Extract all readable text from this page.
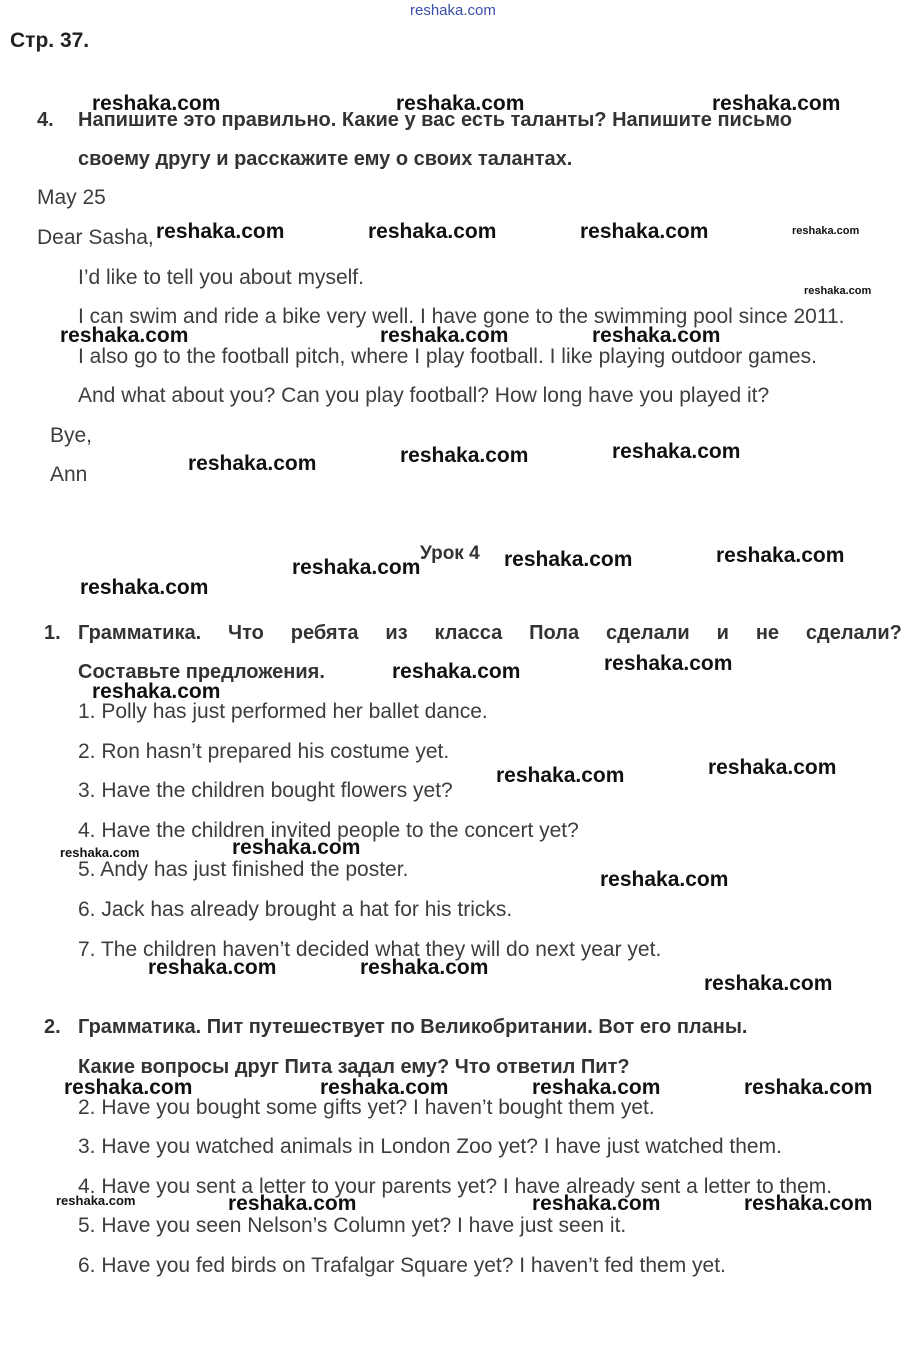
reshaka.com
Стр. 37.
4. Напишите это правильно. Какие у вас есть таланты? Напишите письмо
своему другу и расскажите ему о своих талантах.
May 25
Dear Sasha,
I’d like to tell you about myself.
I can swim and ride a bike very well. I have gone to the swimming pool since 2011.
I also go to the football pitch, where I play football. I like playing outdoor games.
And what about you? Can you play football? How long have you played it?
Bye,
Ann
Урок 4
1. Грамматика. Что ребята из класса Пола сделали и не сделали?
Составьте предложения.
1. Polly has just performed her ballet dance.
2. Ron hasn’t prepared his costume yet.
3. Have the children bought flowers yet?
4. Have the children invited people to the concert yet?
5. Andy has just finished the poster.
6. Jack has already brought a hat for his tricks.
7. The children haven’t decided what they will do next year yet.
2. Грамматика. Пит путешествует по Великобритании. Вот его планы.
Какие вопросы друг Пита задал ему? Что ответил Пит?
2. Have you bought some gifts yet? I haven’t bought them yet.
3. Have you watched animals in London Zoo yet? I have just watched them.
4. Have you sent a letter to your parents yet? I have already sent a letter to them.
5. Have you seen Nelson’s Column yet? I have just seen it.
6. Have you fed birds on Trafalgar Square yet? I haven’t fed them yet.
reshaka.com	reshaka.com	reshaka.com
reshaka.com	reshaka.com	reshaka.com	reshaka.com
reshaka.com
reshaka.com	reshaka.com	reshaka.com
reshaka.com	reshaka.com	reshaka.com
reshaka.com	reshaka.com	reshaka.com
reshaka.com
reshaka.com	reshaka.com
reshaka.com
reshaka.com	reshaka.com
reshaka.com
reshaka.com
reshaka.com
reshaka.com	reshaka.com
reshaka.com
reshaka.com	reshaka.com	reshaka.com	reshaka.com
reshaka.com	reshaka.com	reshaka.com	reshaka.com
